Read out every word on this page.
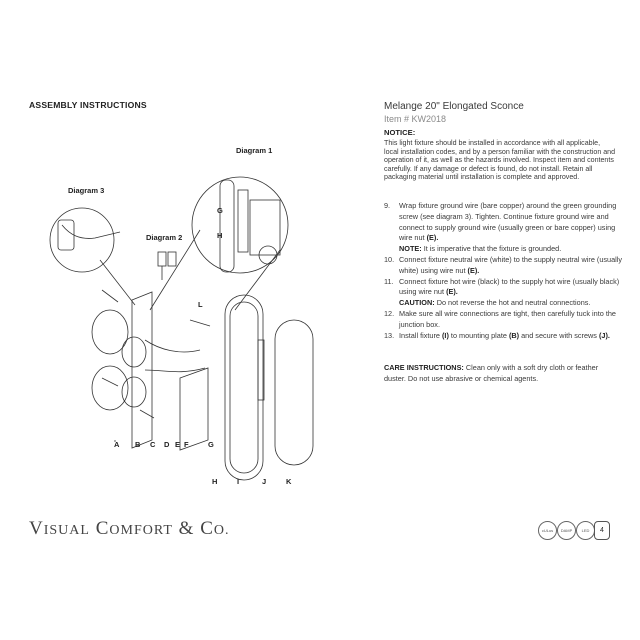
ASSEMBLY INSTRUCTIONS
Diagram 1
Diagram 3
Diagram 2
G
H
A B C D E F	G
H	I	J	K
L
Melange 20" Elongated Sconce
Item # KW2018
NOTICE:
This light fixture should be installed in accordance with all applicable, local installation codes, and by a person familiar with the construction and operation of it, as well as the hazards involved. Inspect item and contents carefully. If any damage or defect is found, do not install. Retain all packaging material until installation is complete and approved.
9. Wrap fixture ground wire (bare copper) around the green grounding screw (see diagram 3). Tighten. Continue fixture ground wire and connect to supply ground wire (usually green or bare copper) using wire nut (E).
NOTE: It is imperative that the fixture is grounded.
10. Connect fixture neutral wire (white) to the supply neutral wire (usually white) using wire nut (E).
11. Connect fixture hot wire (black) to the supply hot wire (usually black) using wire nut (E).
CAUTION: Do not reverse the hot and neutral connections.
12. Make sure all wire connections are tight, then carefully tuck into the junction box.
13. Install fixture (I) to mounting plate (B) and secure with screws (J).
CARE INSTRUCTIONS: Clean only with a soft dry cloth or feather duster. Do not use abrasive or chemical agents.
VISUAL COMFORT & CO.	cULus	DAMP	LED	4
